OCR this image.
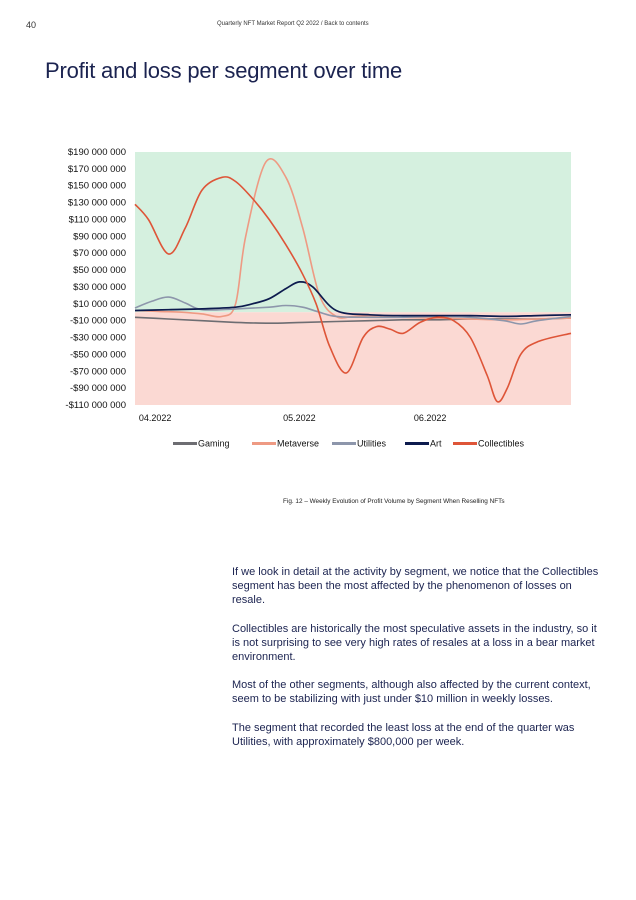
40	Quarterly NFT Market Report Q2 2022 / Back to contents
Profit and loss per segment over time
$190 000 000
$170 000 000
$150 000 000
$130 000 000
$110 000 000
$90 000 000
$70 000 000
$50 000 000
$30 000 000
$10 000 000
-$10 000 000
-$30 000 000
-$50 000 000
-$70 000 000
-$90 000 000
-$110 000 000
04.2022	05.2022	06.2022
Gaming	Metaverse	Utilities	Art	Collectibles
Fig. 12 – Weekly Evolution of Profit Volume by Segment When Reselling NFTs

If we look in detail at the activity by segment, we notice that the Collectibles segment has been the most affected by the phenomenon of losses on resale.

Collectibles are historically the most speculative assets in the industry, so it is not surprising to see very high rates of resales at a loss in a bear market environment.

Most of the other segments, although also affected by the current context, seem to be stabilizing with just under $10 million in weekly losses.

The segment that recorded the least loss at the end of the quarter was Utilities, with approximately $800,000 per week.
